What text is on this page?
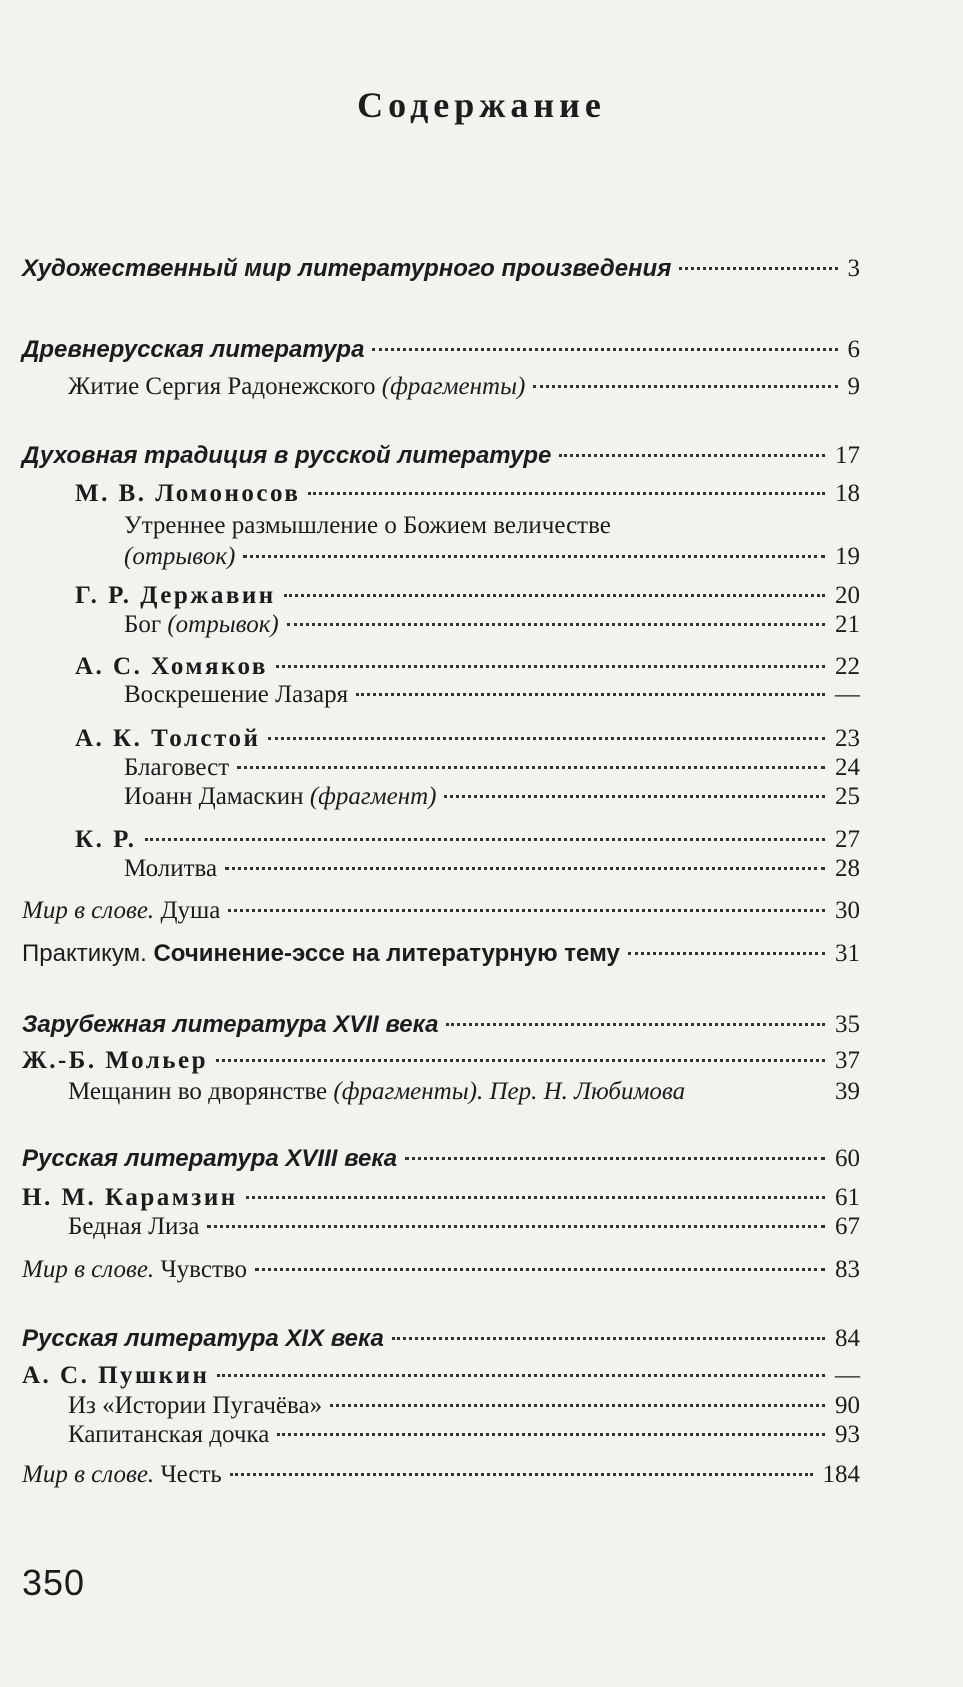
Содержание
Художественный мир литературного произведения	3
Древнерусская литература	6
Житие Сергия Радонежского (фрагменты)	9
Духовная традиция в русской литературе	17
М. В. Ломоносов	18
Утреннее размышление о Божием величестве
(отрывок)	19
Г. Р. Державин	20
Бог (отрывок)	21
А. С. Хомяков	22
Воскрешение Лазаря	—
А. К. Толстой	23
Благовест	24
Иоанн Дамаскин (фрагмент)	25
К. Р.	27
Молитва	28
Мир в слове. Душа	30
Практикум. Сочинение-эссе на литературную тему	31
Зарубежная литература XVII века	35
Ж.-Б. Мольер	37
Мещанин во дворянстве (фрагменты). Пер. Н. Любимова	39
Русская литература XVIII века	60
Н. М. Карамзин	61
Бедная Лиза	67
Мир в слове. Чувство	83
Русская литература XIX века	84
А. С. Пушкин	—
Из «Истории Пугачёва»	90
Капитанская дочка	93
Мир в слове. Честь	184
350
